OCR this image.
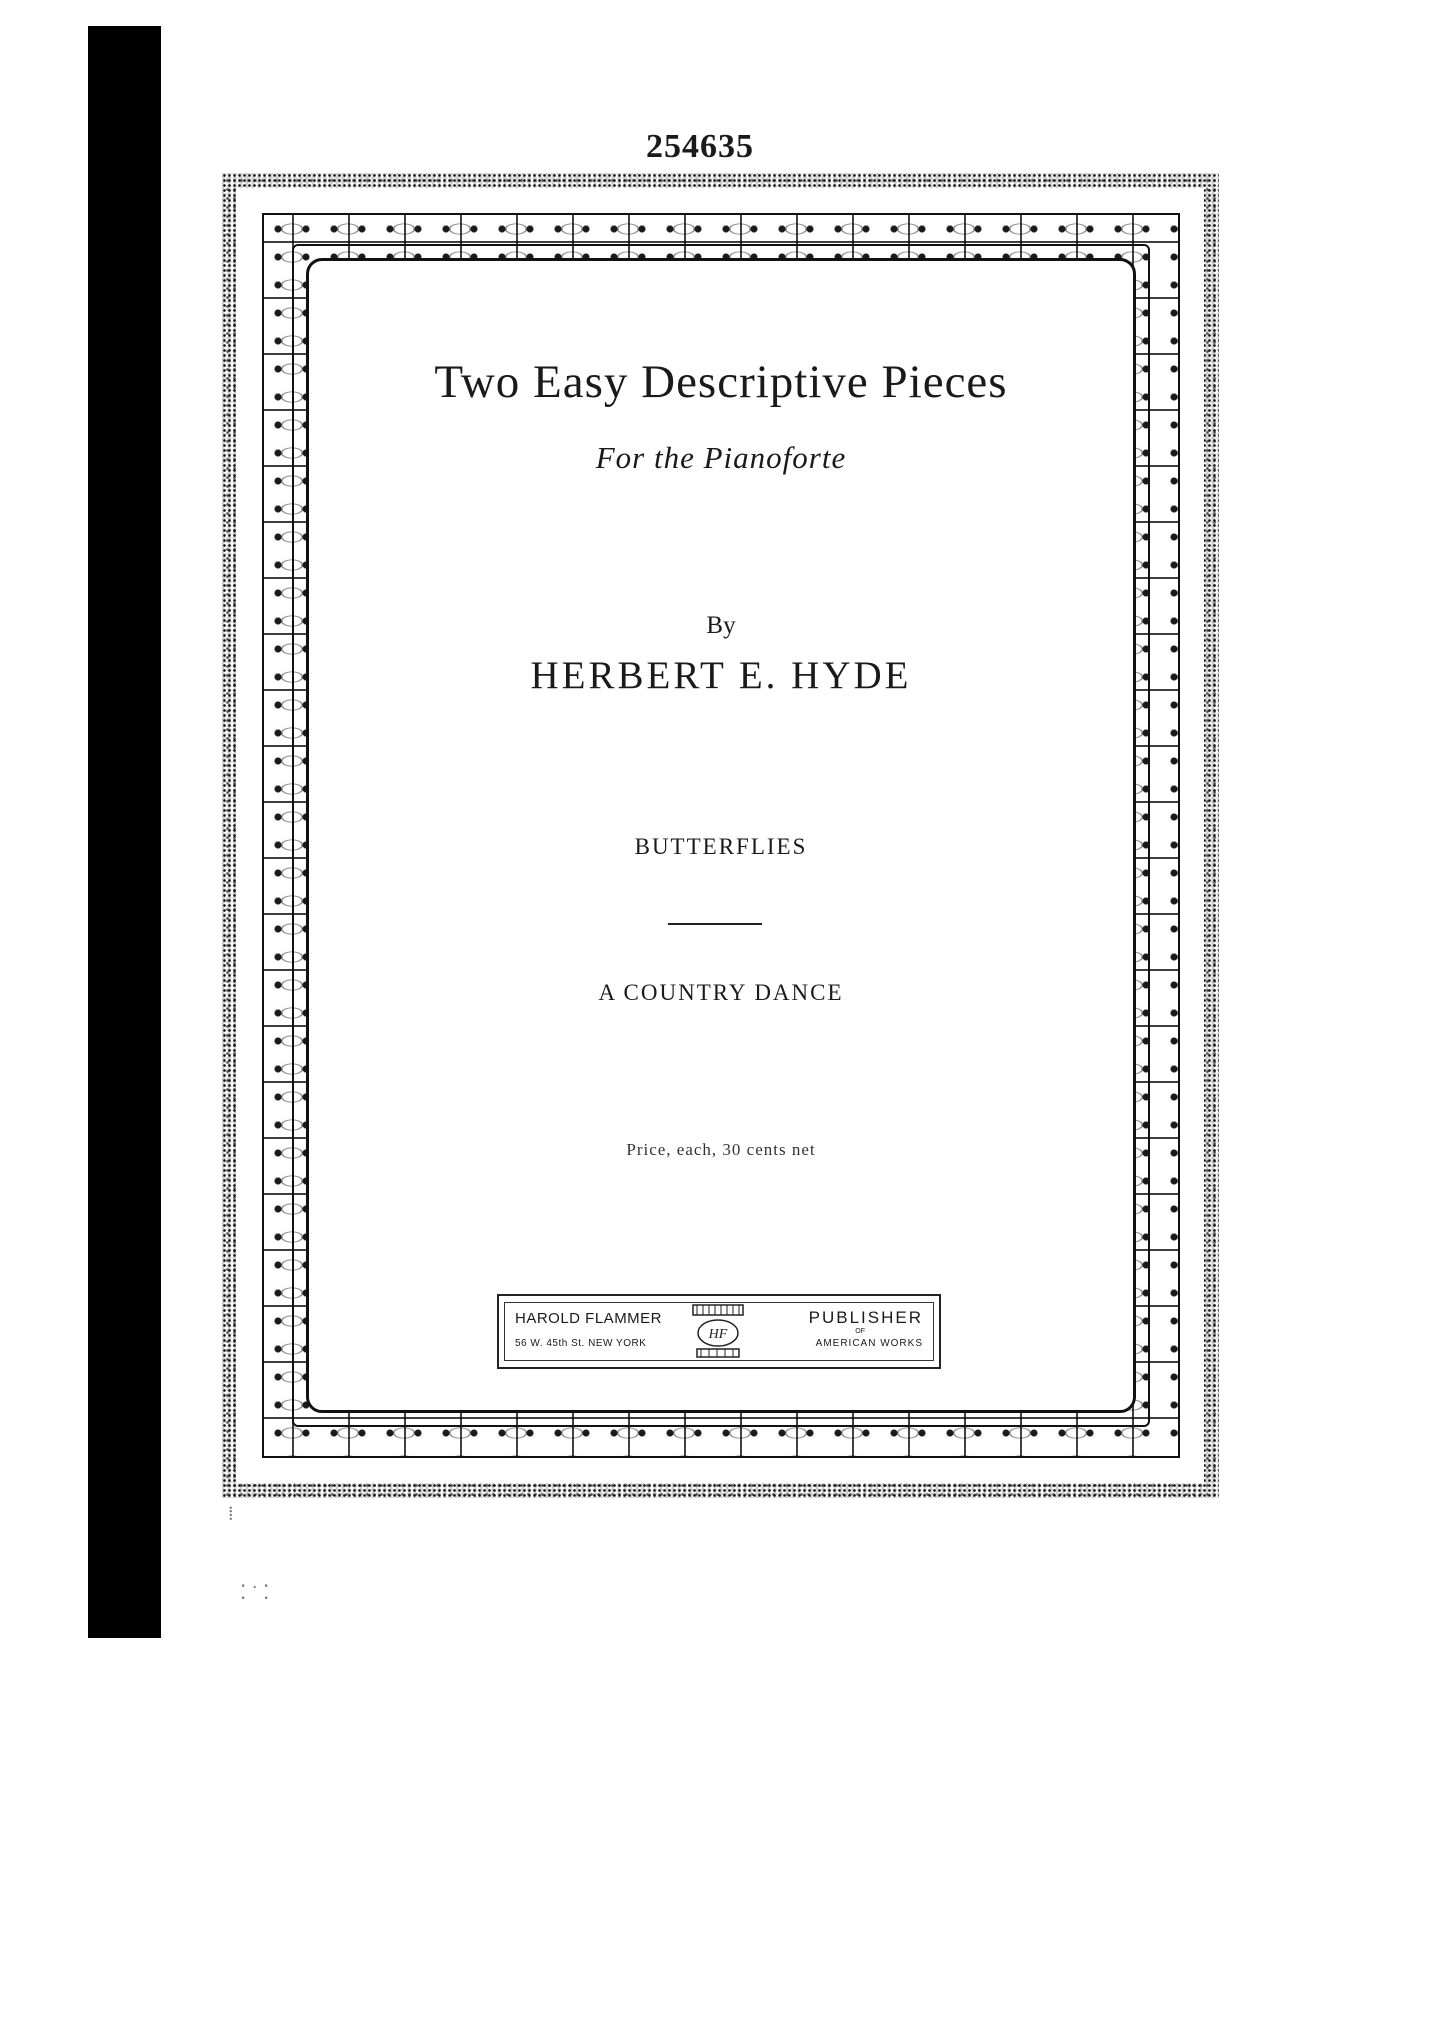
254635
Two Easy Descriptive Pieces
For the Pianoforte
By
HERBERT E. HYDE
BUTTERFLIES
A COUNTRY DANCE
Price, each, 30 cents net
HAROLD FLAMMER
56 W. 45th St. NEW YORK
HF
PUBLISHER
OF
AMERICAN WORKS
⁞
⁚ ˙ ⁚
